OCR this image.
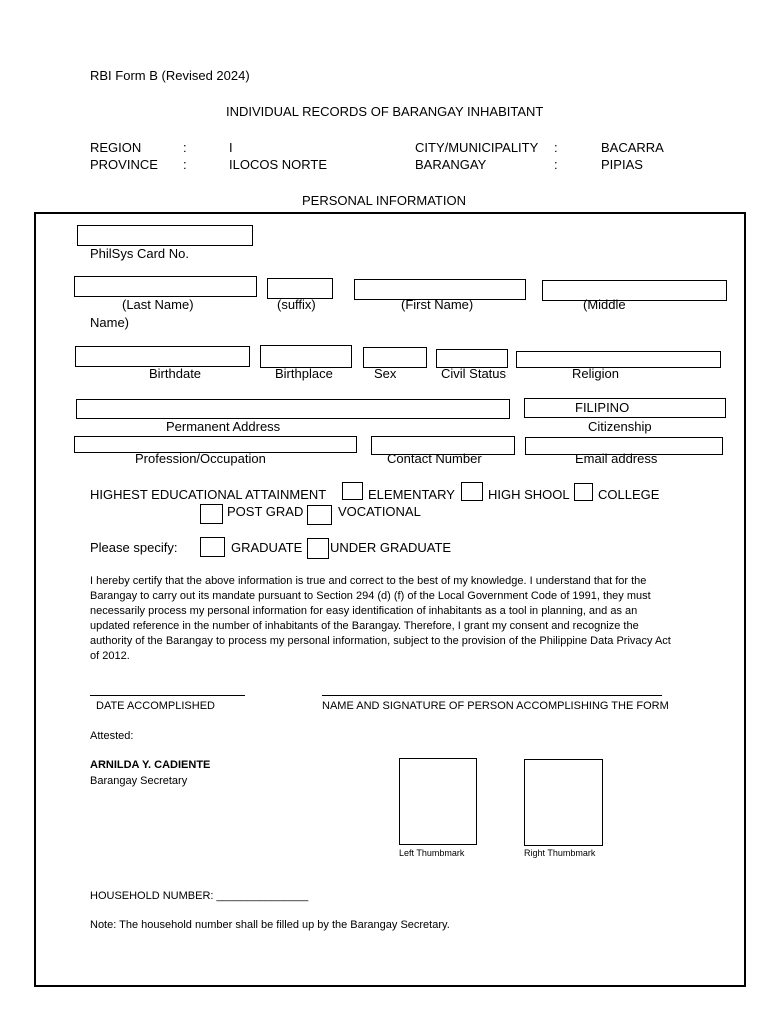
RBI Form B (Revised 2024)
INDIVIDUAL RECORDS OF BARANGAY INHABITANT
REGION	:	I
PROVINCE :	ILOCOS NORTE
CITY/MUNICIPALITY :	BACARRA
BARANGAY	:	PIPIAS
PERSONAL INFORMATION
PhilSys Card No.
(Last Name)	(suffix)	(First Name)	(Middle
Name)
Birthdate	Birthplace	Sex	Civil Status	Religion
FILIPINO
Permanent Address	Citizenship
Profession/Occupation	Contact Number	Email address
HIGHEST EDUCATIONAL ATTAINMENT	ELEMENTARY	HIGH SHOOL COLLEGE
POST GRAD	VOCATIONAL
Please specify:	GRADUATE UNDER GRADUATE
I hereby certify that the above information is true and correct to the best of my knowledge. I understand that for the Barangay to carry out its mandate pursuant to Section 294 (d) (f) of the Local Government Code of 1991, they must necessarily process my personal information for easy identification of inhabitants as a tool in planning, and as an updated reference in the number of inhabitants of the Barangay. Therefore, I grant my consent and recognize the authority of the Barangay to process my personal information, subject to the provision of the Philippine Data Privacy Act of 2012.
DATE ACCOMPLISHED	NAME AND SIGNATURE OF PERSON ACCOMPLISHING THE FORM
Attested:
ARNILDA Y. CADIENTE
Barangay Secretary
Left Thumbmark	Right Thumbmark
HOUSEHOLD NUMBER: _______________
Note: The household number shall be filled up by the Barangay Secretary.
